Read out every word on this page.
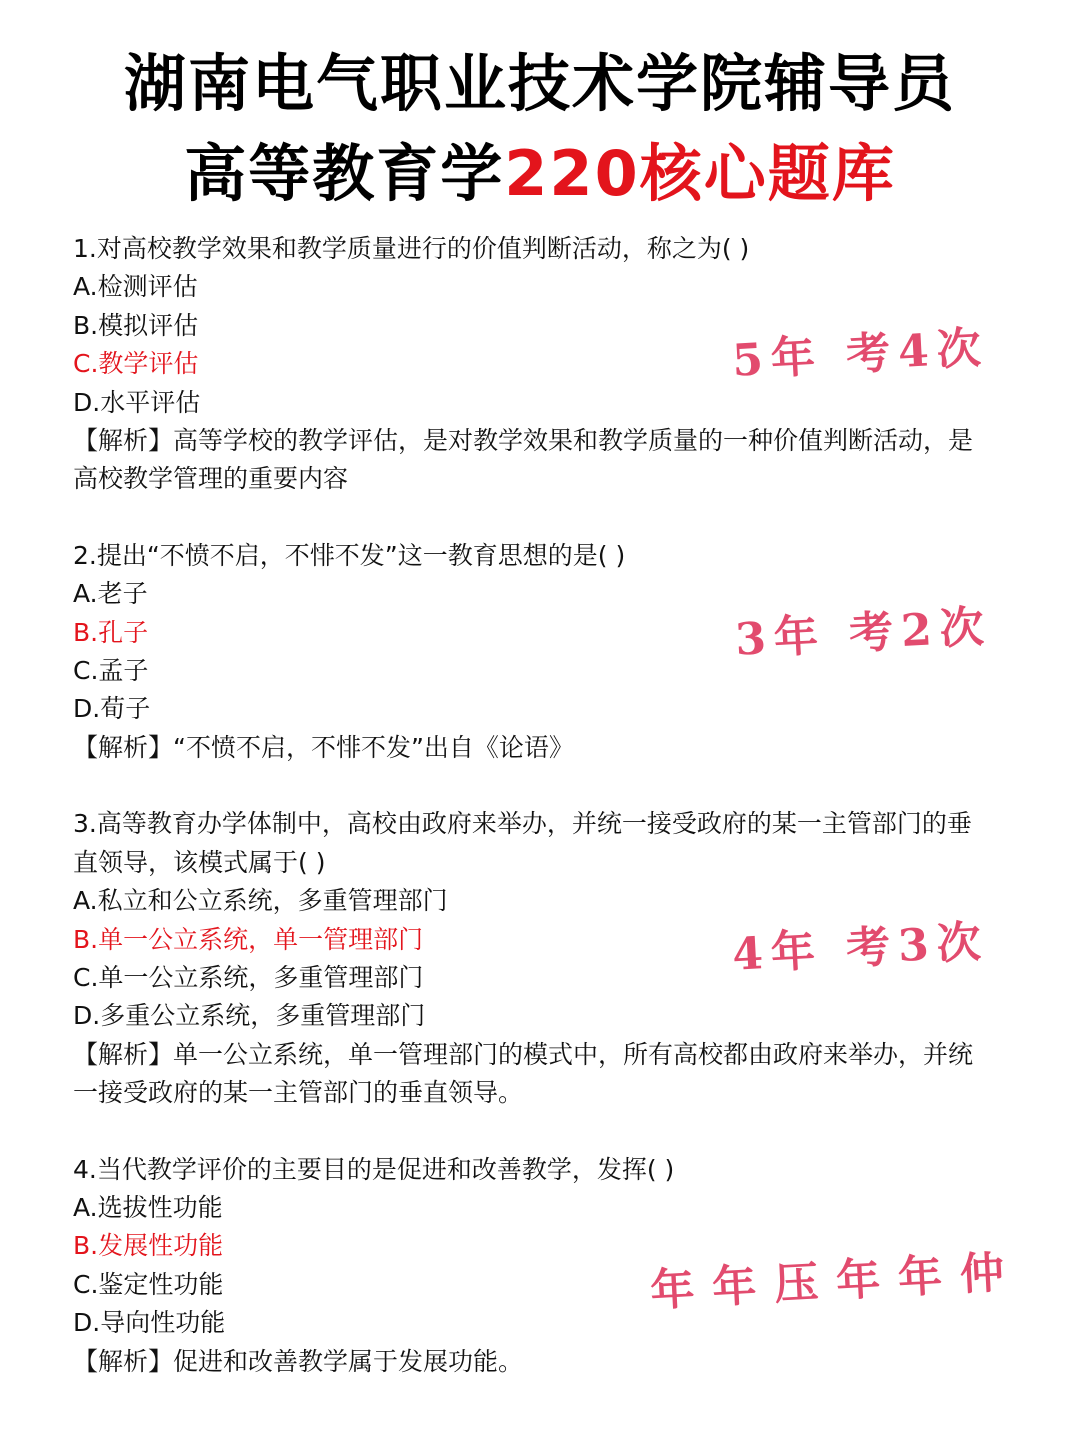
湖南电气职业技术学院辅导员
高等教育学220核心题库
1.对高校教学效果和教学质量进行的价值判断活动，称之为( )
A.检测评估
B.模拟评估
C.教学评估
D.水平评估
【解析】高等学校的教学评估，是对教学效果和教学质量的一种价值判断活动，是
高校教学管理的重要内容
2.提出“不愤不启，不悱不发”这一教育思想的是( )
A.老子
B.孔子
C.孟子
D.荀子
【解析】“不愤不启，不悱不发”出自《论语》
3.高等教育办学体制中，高校由政府来举办，并统一接受政府的某一主管部门的垂
直领导，该模式属于( )
A.私立和公立系统，多重管理部门
B.单一公立系统，单一管理部门
C.单一公立系统，多重管理部门
D.多重公立系统，多重管理部门
【解析】单一公立系统，单一管理部门的模式中，所有高校都由政府来举办，并统
一接受政府的某一主管部门的垂直领导。
4.当代教学评价的主要目的是促进和改善教学，发挥( )
A.选拔性功能
B.发展性功能
C.鉴定性功能
D.导向性功能
【解析】促进和改善教学属于发展功能。
5年 考4次
3年 考2次
4年 考3次
年年压年年仲
